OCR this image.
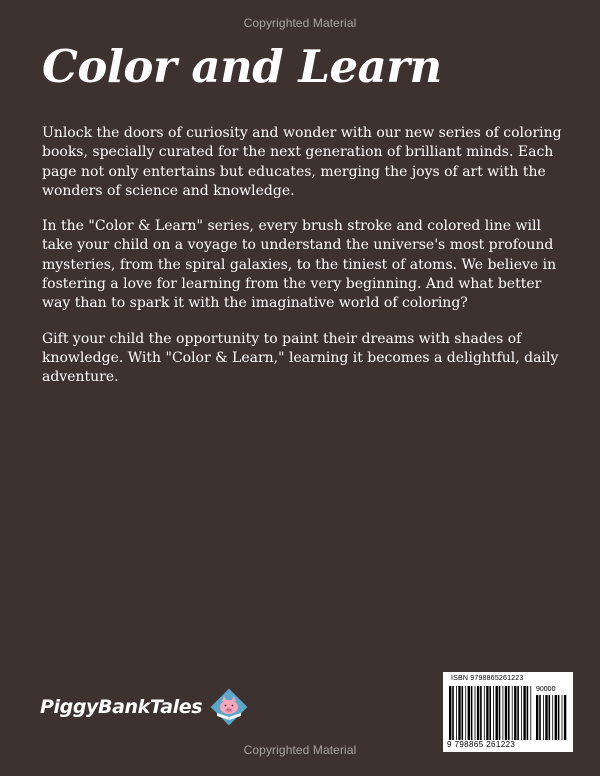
Copyrighted Material
Color and Learn

Unlock the doors of curiosity and wonder with our new series of coloring books, specially curated for the next generation of brilliant minds. Each page not only entertains but educates, merging the joys of art with the wonders of science and knowledge.

In the "Color & Learn" series, every brush stroke and colored line will take your child on a voyage to understand the universe's most profound mysteries, from the spiral galaxies, to the tiniest of atoms. We believe in fostering a love for learning from the very beginning. And what better way than to spark it with the imaginative world of coloring?

Gift your child the opportunity to paint their dreams with shades of knowledge. With "Color & Learn," learning it becomes a delightful, daily adventure.

PiggyBankTales
ISBN 9798865261223
90000
9 798865 261223
Copyrighted Material
